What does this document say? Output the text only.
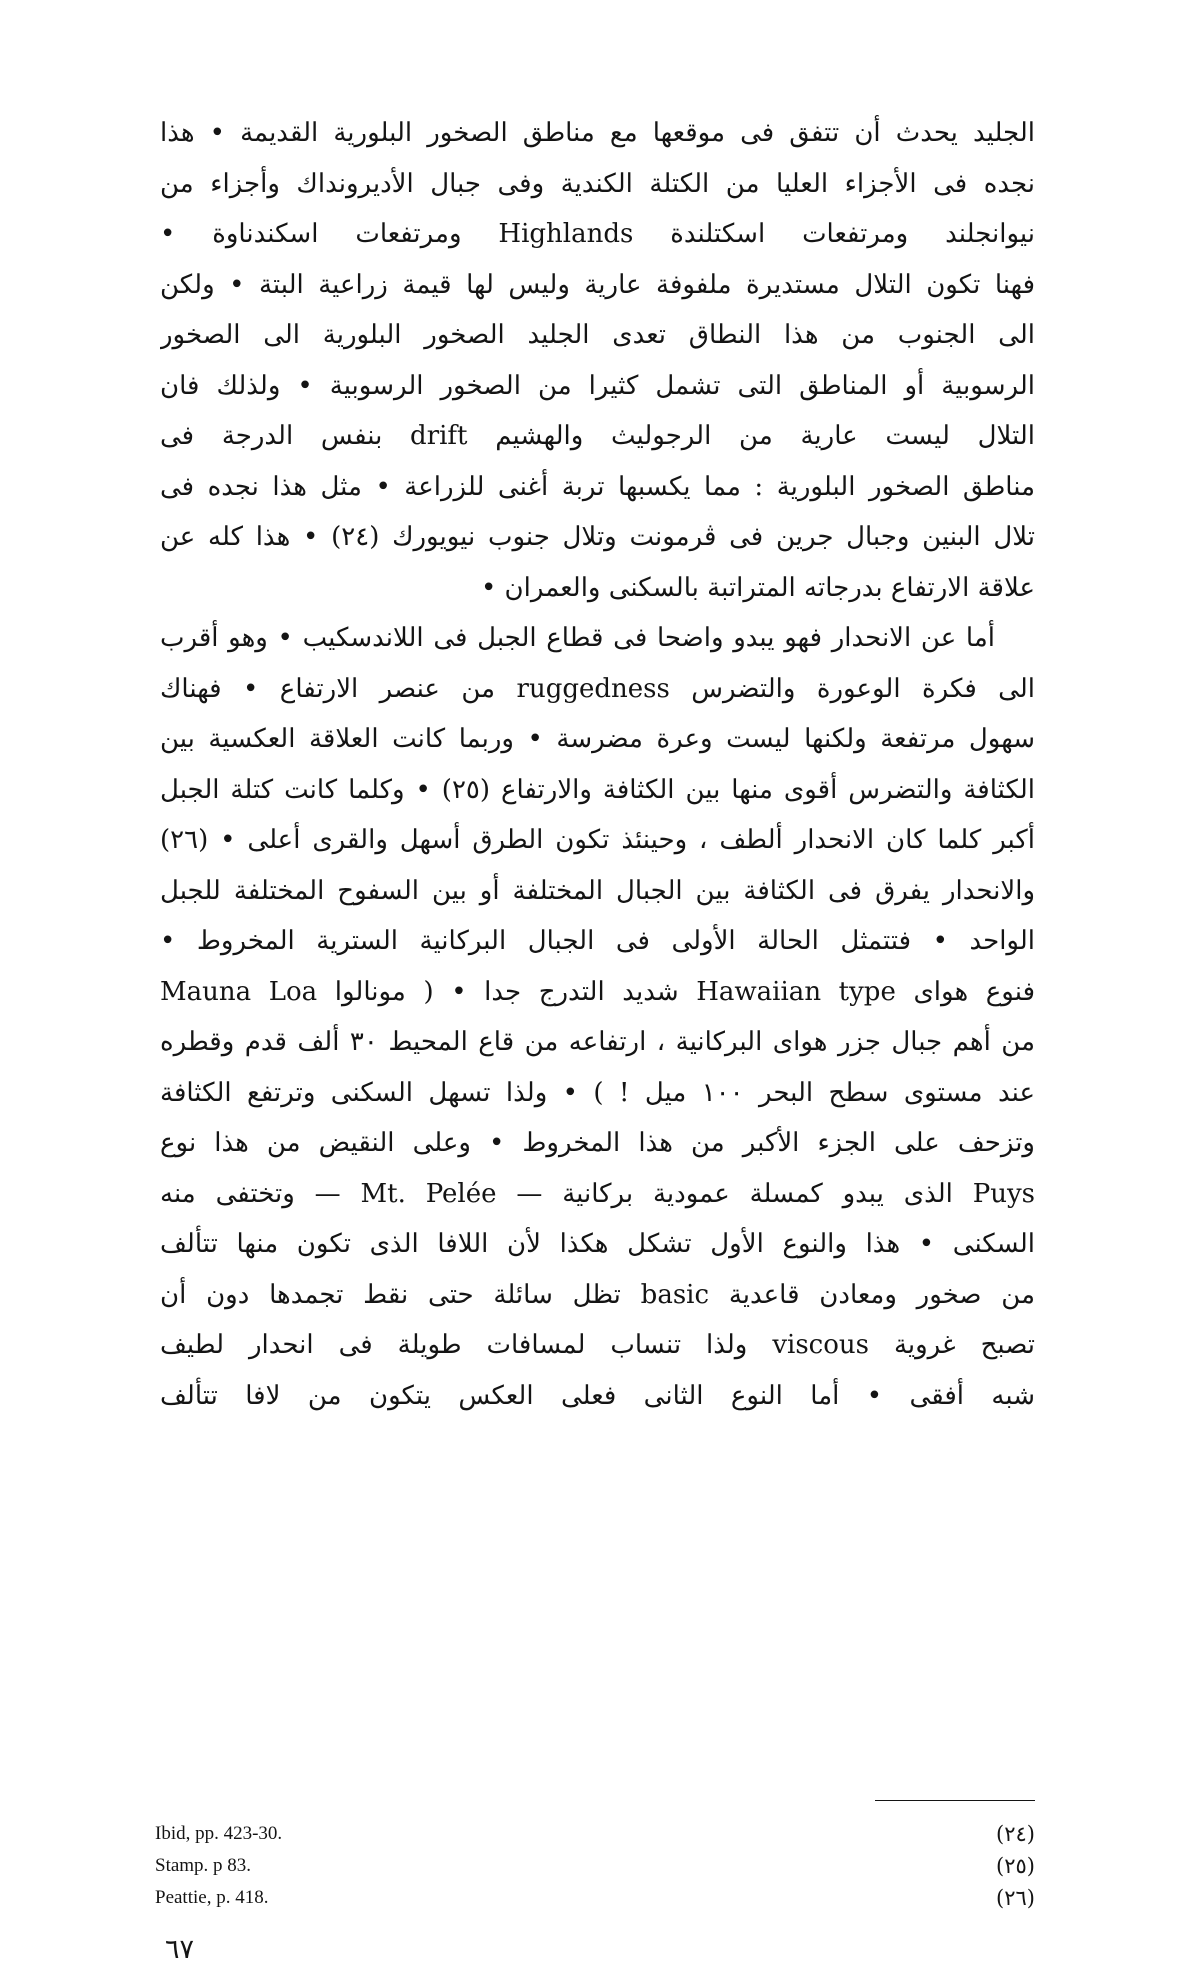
الجليد يحدث أن تتفق فى موقعها مع مناطق الصخور البلورية القديمة • هذا
نجده فى الأجزاء العليا من الكتلة الكندية وفى جبال الأديرونداك وأجزاء من
نيوانجلند ومرتفعات اسكتلندة Highlands ومرتفعات اسكندناوة •
فهنا تكون التلال مستديرة ملفوفة عارية وليس لها قيمة زراعية البتة • ولكن
الى الجنوب من هذا النطاق تعدى الجليد الصخور البلورية الى الصخور
الرسوبية أو المناطق التى تشمل كثيرا من الصخور الرسوبية • ولذلك فان
التلال ليست عارية من الرجوليث والهشيم drift بنفس الدرجة فى
مناطق الصخور البلورية : مما يكسبها تربة أغنى للزراعة • مثل هذا نجده فى
تلال البنين وجبال جرين فى ڤرمونت وتلال جنوب نيويورك (٢٤) • هذا كله عن
علاقة الارتفاع بدرجاته المتراتبة بالسكنى والعمران •
أما عن الانحدار فهو يبدو واضحا فى قطاع الجبل فى اللاندسكيب • وهو أقرب
الى فكرة الوعورة والتضرس ruggedness من عنصر الارتفاع • فهناك
سهول مرتفعة ولكنها ليست وعرة مضرسة • وربما كانت العلاقة العكسية بين
الكثافة والتضرس أقوى منها بين الكثافة والارتفاع (٢٥) • وكلما كانت كتلة الجبل
أكبر كلما كان الانحدار ألطف ، وحينئذ تكون الطرق أسهل والقرى أعلى • (٢٦)
والانحدار يفرق فى الكثافة بين الجبال المختلفة أو بين السفوح المختلفة للجبل
الواحد • فتتمثل الحالة الأولى فى الجبال البركانية السترية المخروط •
فنوع هواى Hawaiian type شديد التدرج جدا • ( مونالوا Mauna Loa
من أهم جبال جزر هواى البركانية ، ارتفاعه من قاع المحيط ٣٠ ألف قدم وقطره
عند مستوى سطح البحر ١٠٠ ميل ! ) • ولذا تسهل السكنى وترتفع الكثافة
وتزحف على الجزء الأكبر من هذا المخروط • وعلى النقيض من هذا نوع
Puys الذى يبدو كمسلة عمودية بركانية — Mt. Pelée — وتختفى منه
السكنى • هذا والنوع الأول تشكل هكذا لأن اللافا الذى تكون منها تتألف
من صخور ومعادن قاعدية basic تظل سائلة حتى نقط تجمدها دون أن
تصبح غروية viscous ولذا تنساب لمسافات طويلة فى انحدار لطيف
شبه أفقى • أما النوع الثانى فعلى العكس يتكون من لافا تتألف
Ibid, pp. 423-30.	(٢٤)
Stamp. p 83.	(٢٥)
Peattie, p. 418.	(٢٦)
٦٧
